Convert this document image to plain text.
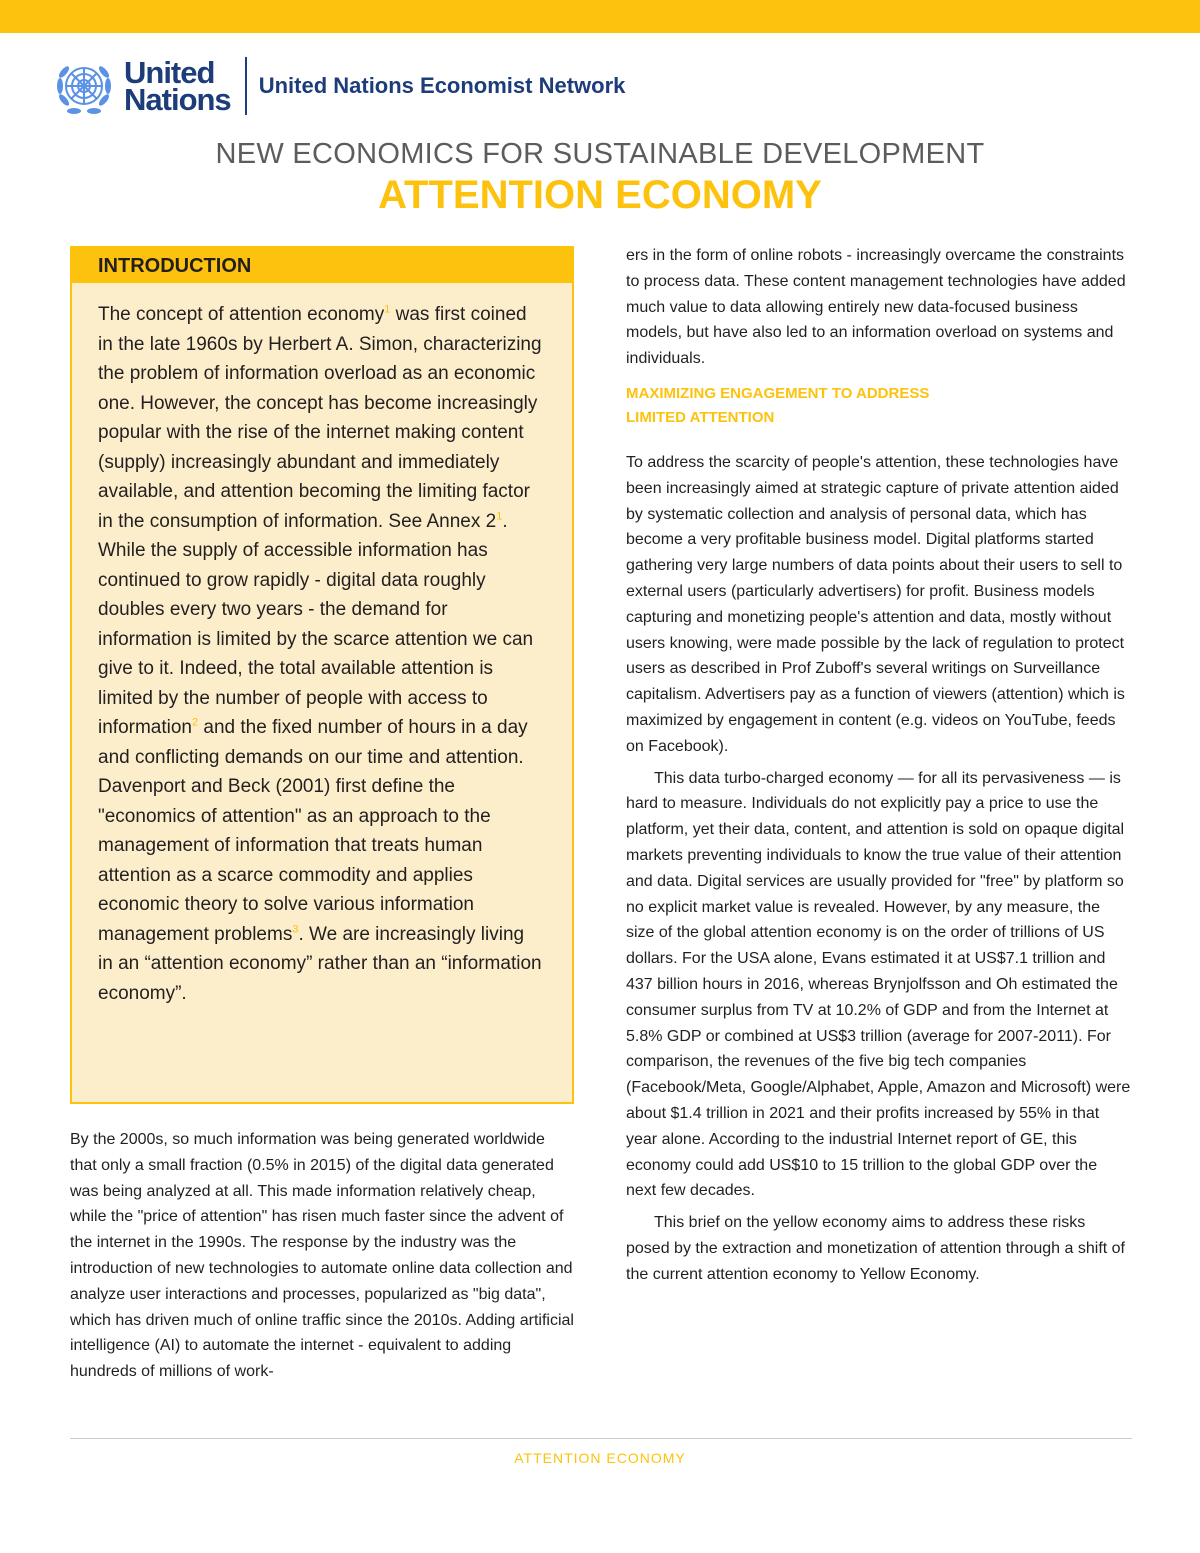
United
Nations United Nations Economist Network
NEW ECONOMICS FOR SUSTAINABLE DEVELOPMENT
ATTENTION ECONOMY
INTRODUCTION

The concept of attention economy$^1$ was first coined in the late 1960s by Herbert A. Simon, characterizing the problem of information overload as an economic one. However, the concept has become increasingly popular with the rise of the internet making content (supply) increasingly abundant and immediately available, and attention becoming the limiting factor in the consumption of information. See Annex 2$^1$. While the supply of accessible information has continued to grow rapidly - digital data roughly doubles every two years - the demand for information is limited by the scarce attention we can give to it. Indeed, the total available attention is limited by the number of people with access to information$^2$ and the fixed number of hours in a day and conflicting demands on our time and attention. Davenport and Beck (2001) first define the "economics of attention" as an approach to the management of information that treats human attention as a scarce commodity and applies economic theory to solve various information management problems$^3$. We are increasingly living in an “attention economy” rather than an “information economy”.

By the 2000s, so much information was being generated worldwide that only a small fraction (0.5% in 2015) of the digital data generated was being analyzed at all. This made information relatively cheap, while the "price of attention" has risen much faster since the advent of the internet in the 1990s. The response by the industry was the introduction of new technologies to automate online data collection and analyze user interactions and processes, popularized as "big data", which has driven much of online traffic since the 2010s. Adding artificial intelligence (AI) to automate the internet - equivalent to adding hundreds of millions of work-

ers in the form of online robots - increasingly overcame the constraints to process data. These content management technologies have added much value to data allowing entirely new data-focused business models, but have also led to an information overload on systems and individuals.

MAXIMIZING ENGAGEMENT TO ADDRESS
LIMITED ATTENTION

To address the scarcity of people's attention, these technologies have been increasingly aimed at strategic capture of private attention aided by systematic collection and analysis of personal data, which has become a very profitable business model. Digital platforms started gathering very large numbers of data points about their users to sell to external users (particularly advertisers) for profit. Business models capturing and monetizing people's attention and data, mostly without users knowing, were made possible by the lack of regulation to protect users as described in Prof Zuboff's several writings on Surveillance capitalism. Advertisers pay as a function of viewers (attention) which is maximized by engagement in content (e.g. videos on YouTube, feeds on Facebook).

This data turbo-charged economy — for all its pervasiveness — is hard to measure. Individuals do not explicitly pay a price to use the platform, yet their data, content, and attention is sold on opaque digital markets preventing individuals to know the true value of their attention and data. Digital services are usually provided for "free" by platform so no explicit market value is revealed. However, by any measure, the size of the global attention economy is on the order of trillions of US dollars. For the USA alone, Evans estimated it at US$7.1 trillion and 437 billion hours in 2016, whereas Brynjolfsson and Oh estimated the consumer surplus from TV at 10.2% of GDP and from the Internet at 5.8% GDP or combined at US$3 trillion (average for 2007-2011). For comparison, the revenues of the five big tech companies (Facebook/Meta, Google/Alphabet, Apple, Amazon and Microsoft) were about $1.4 trillion in 2021 and their profits increased by 55% in that year alone. According to the industrial Internet report of GE, this economy could add US$10 to 15 trillion to the global GDP over the next few decades.

This brief on the yellow economy aims to address these risks posed by the extraction and monetization of attention through a shift of the current attention economy to Yellow Economy.

ATTENTION ECONOMY
